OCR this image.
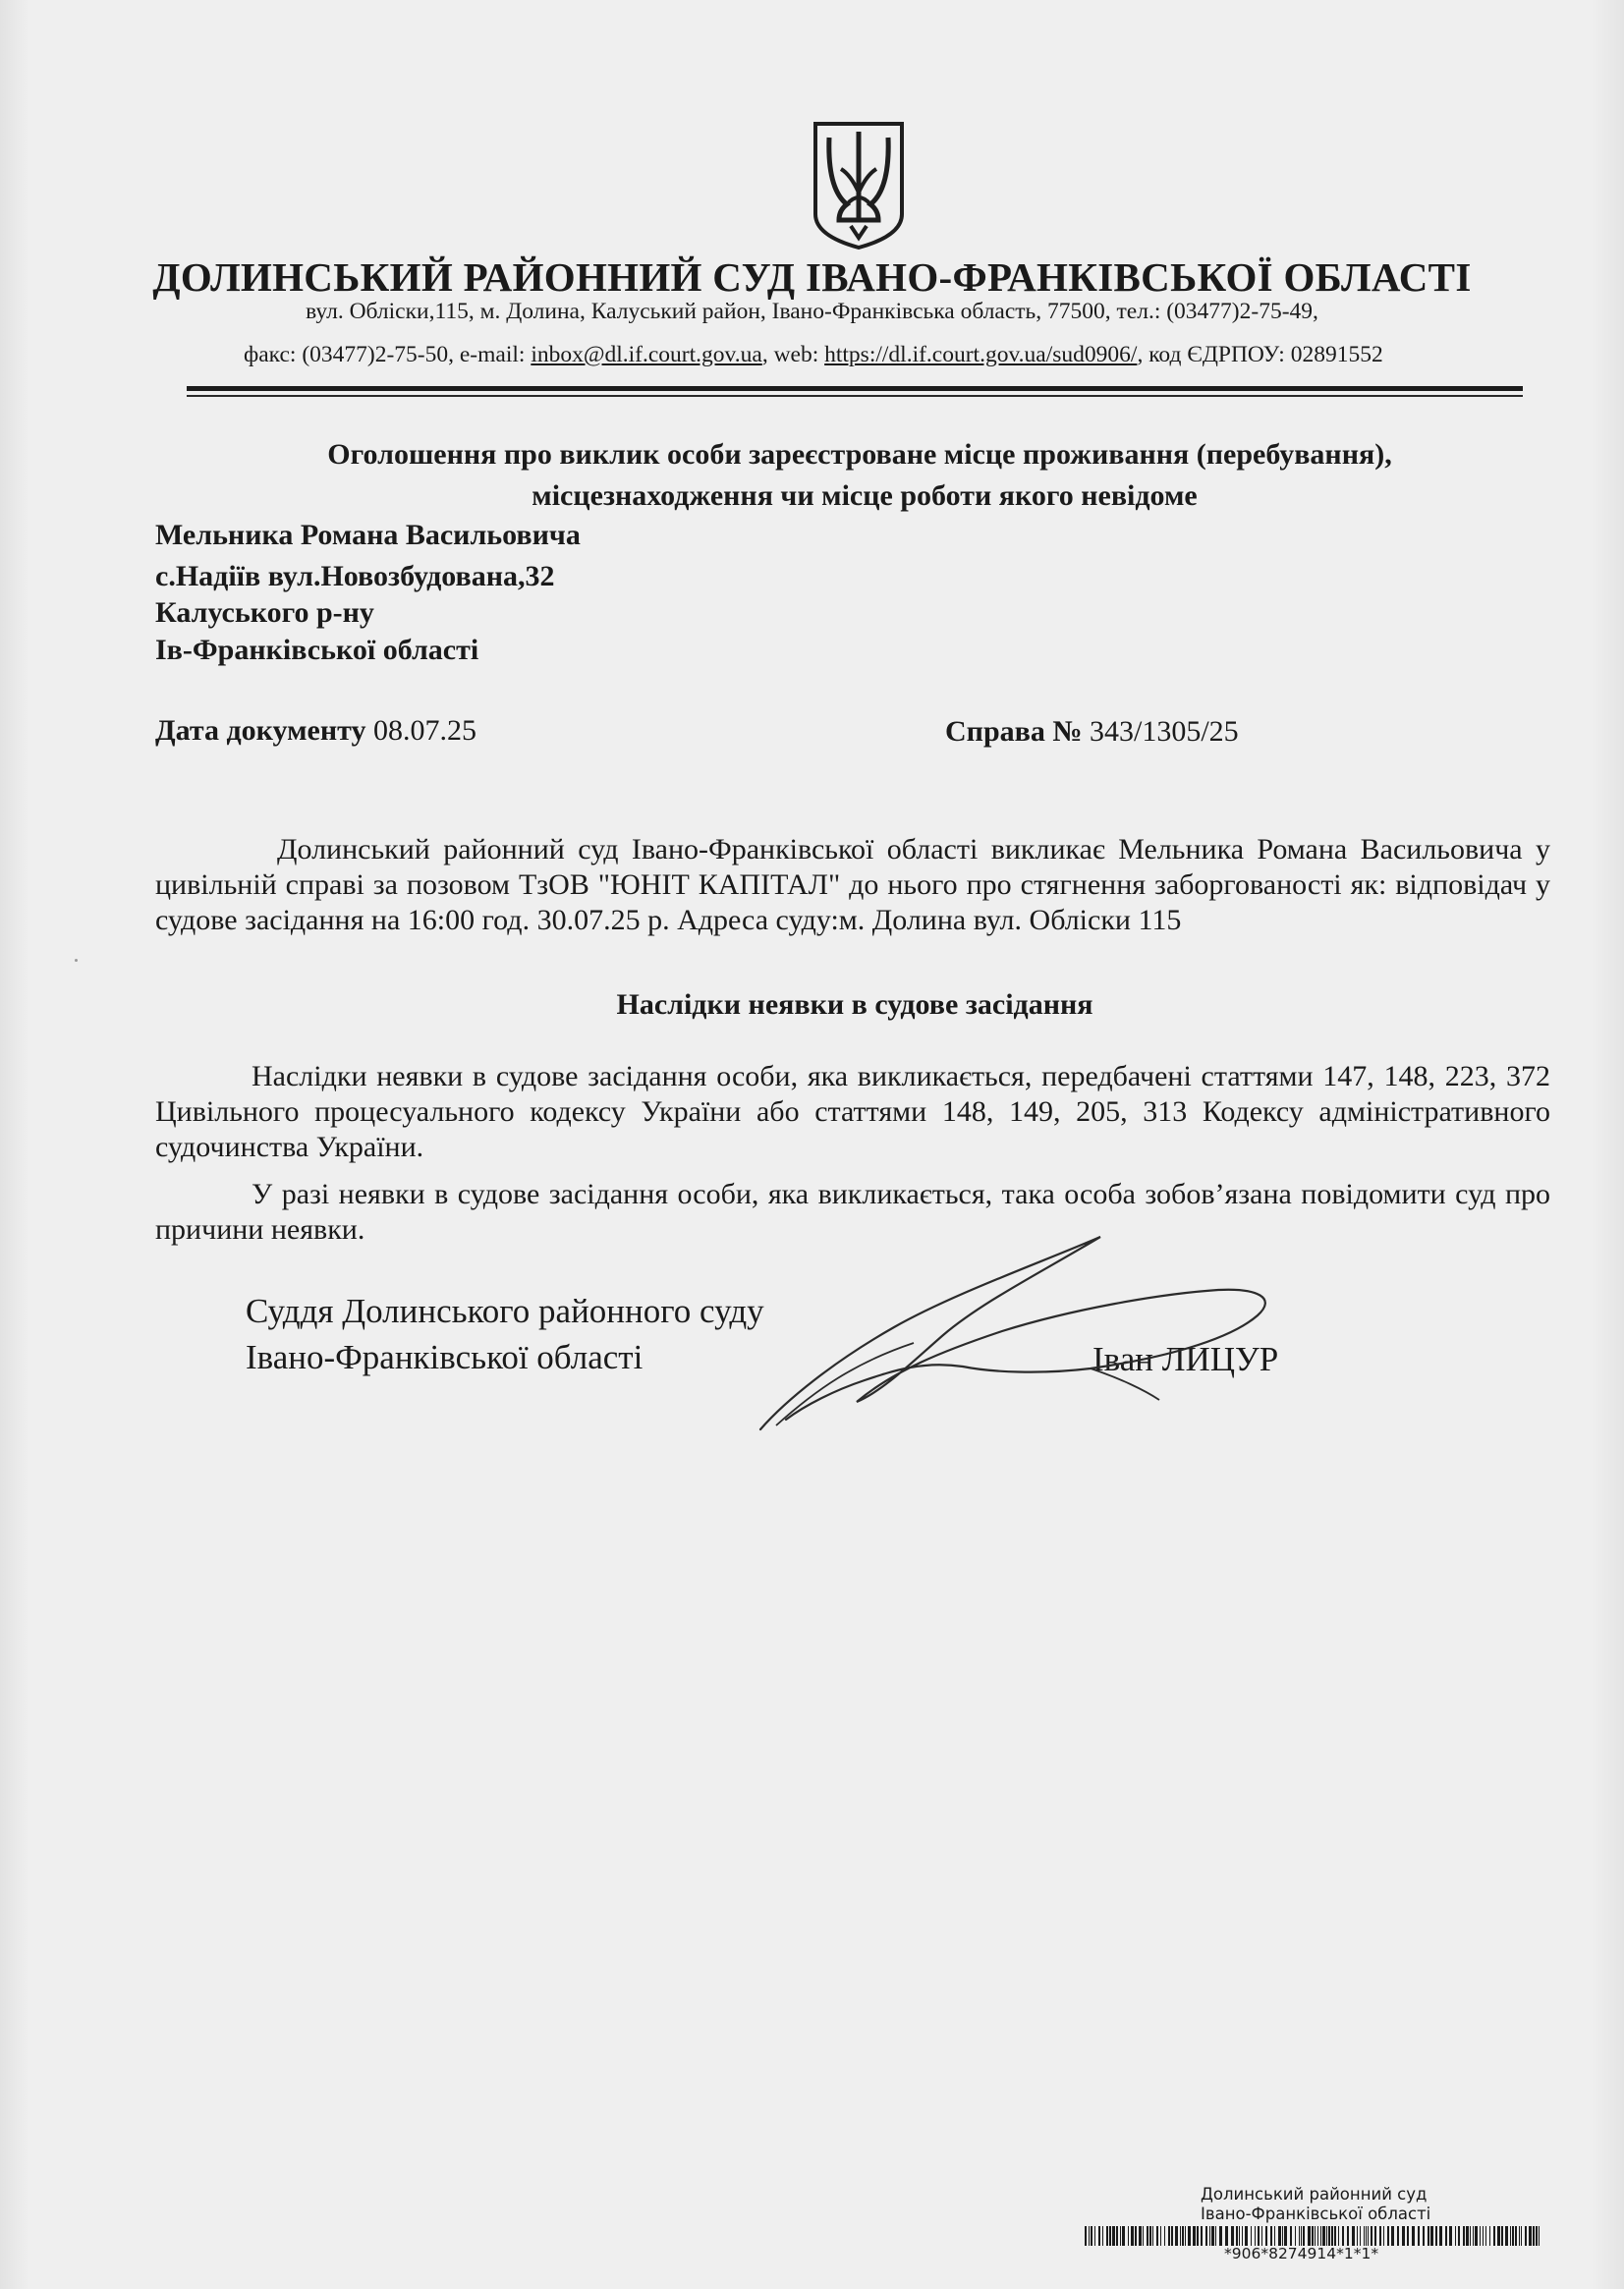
ДОЛИНСЬКИЙ РАЙОННИЙ СУД ІВАНО-ФРАНКІВСЬКОЇ ОБЛАСТІ
вул. Обліски,115, м. Долина, Калуський район, Івано-Франківська область, 77500, тел.: (03477)2-75-49,
факс: (03477)2-75-50, e-mail: inbox@dl.if.court.gov.ua, web: https://dl.if.court.gov.ua/sud0906/, код ЄДРПОУ: 02891552
Оголошення про виклик особи зареєстроване місце проживання (перебування),
місцезнаходження чи місце роботи якого невідоме
Мельника Романа Васильовича
с.Надіїв вул.Новозбудована,32
Калуського р-ну
Ів-Франківської області
Дата документу 08.07.25	Справа № 343/1305/25
Долинський районний суд Івано-Франківської області викликає Мельника Романа Васильовича у цивільній справі за позовом ТзОВ "ЮНІТ КАПІТАЛ" до нього про стягнення заборгованості як: відповідач у судове засідання на 16:00 год. 30.07.25 р. Адреса суду:м. Долина вул. Обліски 115
Наслідки неявки в судове засідання
Наслідки неявки в судове засідання особи, яка викликається, передбачені статтями 147, 148, 223, 372 Цивільного процесуального кодексу України або статтями 148, 149, 205, 313 Кодексу адміністративного судочинства України.
У разі неявки в судове засідання особи, яка викликається, така особа зобов’язана повідомити суд про причини неявки.
Суддя Долинського районного суду
Івано-Франківської області	Іван ЛИЦУР
Долинський районний суд
Івано-Франківської області
*906*8274914*1*1*
